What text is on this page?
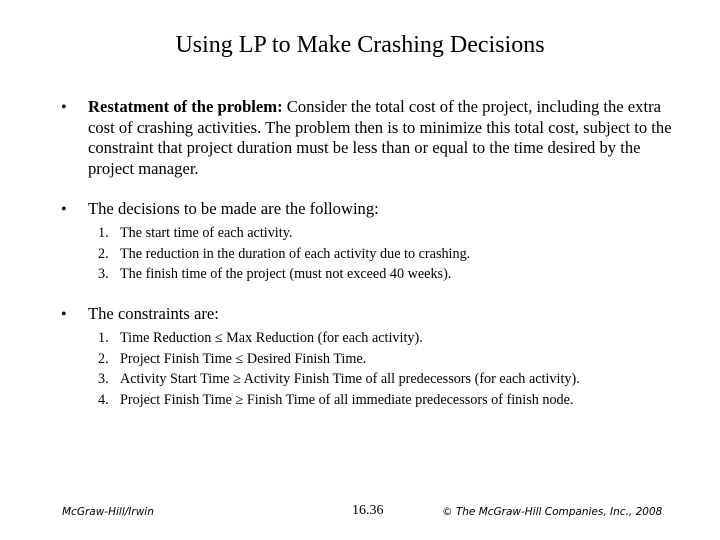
Using LP to Make Crashing Decisions
• Restatment of the problem: Consider the total cost of the project, including the extra cost of crashing activities. The problem then is to minimize this total cost, subject to the constraint that project duration must be less than or equal to the time desired by the project manager.
• The decisions to be made are the following:
1. The start time of each activity.
2. The reduction in the duration of each activity due to crashing.
3. The finish time of the project (must not exceed 40 weeks).
• The constraints are:
1. Time Reduction ≤ Max Reduction (for each activity).
2. Project Finish Time ≤ Desired Finish Time.
3. Activity Start Time ≥ Activity Finish Time of all predecessors (for each activity).
4. Project Finish Time ≥ Finish Time of all immediate predecessors of finish node.
McGraw-Hill/Irwin	16.36	© The McGraw-Hill Companies, Inc., 2008
